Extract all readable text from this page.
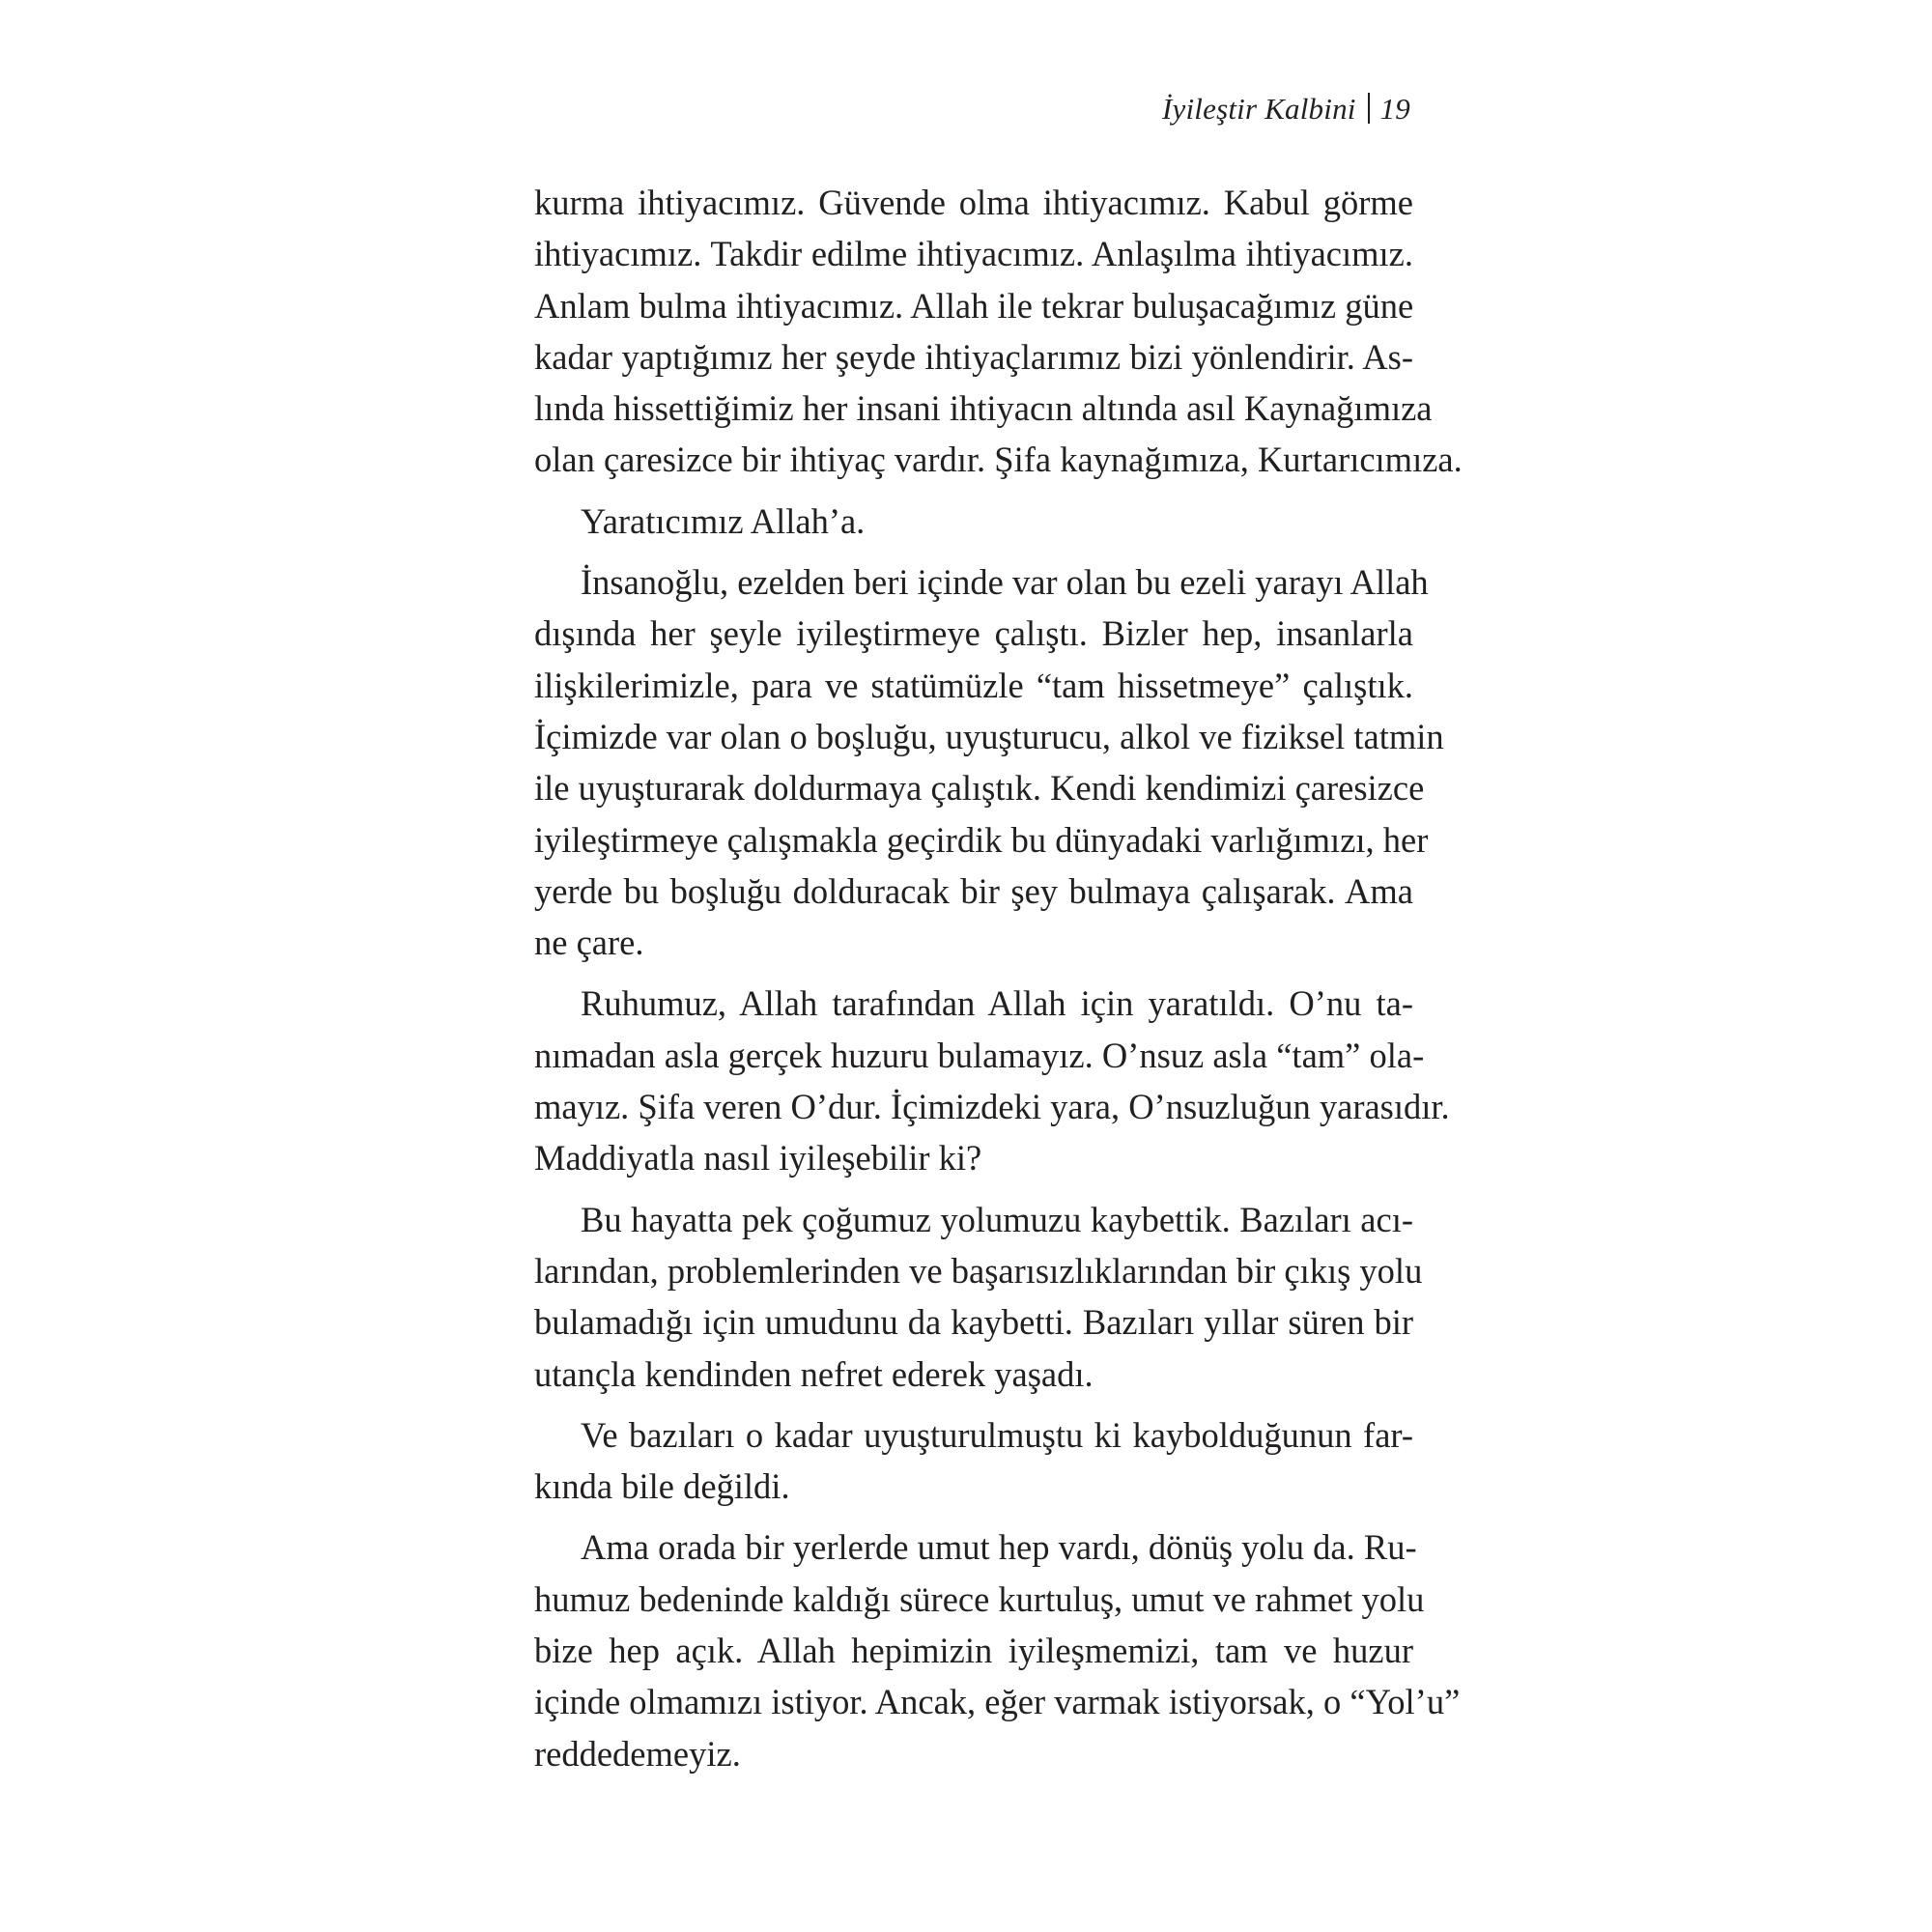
İyileştir Kalbini 19
kurma ihtiyacımız. Güvende olma ihtiyacımız. Kabul görme
ihtiyacımız. Takdir edilme ihtiyacımız. Anlaşılma ihtiyacımız.
Anlam bulma ihtiyacımız. Allah ile tekrar buluşacağımız güne
kadar yaptığımız her şeyde ihtiyaçlarımız bizi yönlendirir. As-
lında hissettiğimiz her insani ihtiyacın altında asıl Kaynağımıza
olan çaresizce bir ihtiyaç vardır. Şifa kaynağımıza, Kurtarıcımıza.
Yaratıcımız Allah’a.
İnsanoğlu, ezelden beri içinde var olan bu ezeli yarayı Allah
dışında her şeyle iyileştirmeye çalıştı. Bizler hep, insanlarla
ilişkilerimizle, para ve statümüzle “tam hissetmeye” çalıştık.
İçimizde var olan o boşluğu, uyuşturucu, alkol ve fiziksel tatmin
ile uyuşturarak doldurmaya çalıştık. Kendi kendimizi çaresizce
iyileştirmeye çalışmakla geçirdik bu dünyadaki varlığımızı, her
yerde bu boşluğu dolduracak bir şey bulmaya çalışarak. Ama
ne çare.
Ruhumuz, Allah tarafından Allah için yaratıldı. O’nu ta-
nımadan asla gerçek huzuru bulamayız. O’nsuz asla “tam” ola-
mayız. Şifa veren O’dur. İçimizdeki yara, O’nsuzluğun yarasıdır.
Maddiyatla nasıl iyileşebilir ki?
Bu hayatta pek çoğumuz yolumuzu kaybettik. Bazıları acı-
larından, problemlerinden ve başarısızlıklarından bir çıkış yolu
bulamadığı için umudunu da kaybetti. Bazıları yıllar süren bir
utançla kendinden nefret ederek yaşadı.
Ve bazıları o kadar uyuşturulmuştu ki kaybolduğunun far-
kında bile değildi.
Ama orada bir yerlerde umut hep vardı, dönüş yolu da. Ru-
humuz bedeninde kaldığı sürece kurtuluş, umut ve rahmet yolu
bize hep açık. Allah hepimizin iyileşmemizi, tam ve huzur
içinde olmamızı istiyor. Ancak, eğer varmak istiyorsak, o “Yol’u”
reddedemeyiz.
